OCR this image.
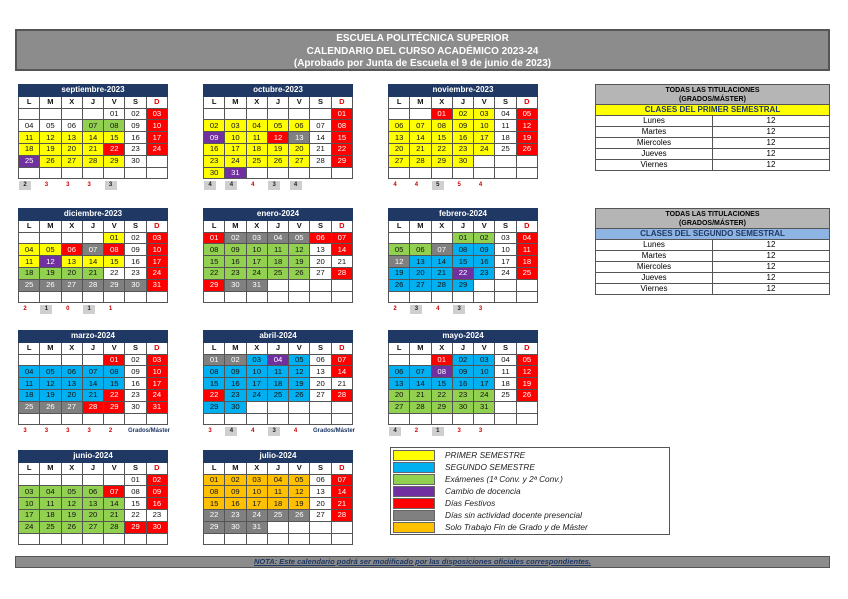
ESCUELA POLITÉCNICA SUPERIOR
CALENDARIO DEL CURSO ACADÉMICO 2023-24
(Aprobado por Junta de Escuela el 9 de junio de 2023)
septiembre-2023						
L	M	X	J	V	S	D
				01	02	03
04	05	06	07	08	09	10
11	12	13	14	15	16	17
18	19	20	21	22	23	24
25	26	27	28	29	30	

2	3	3	3	3
octubre-2023						
L	M	X	J	V	S	D
						01
02	03	04	05	06	07	08
09	10	11	12	13	14	15
16	17	18	19	20	21	22
23	24	25	26	27	28	29
30	31					
4	4	4	3	4
noviembre-2023						
L	M	X	J	V	S	D
		01	02	03	04	05
06	07	08	09	10	11	12
13	14	15	16	17	18	19
20	21	22	23	24	25	26
27	28	29	30			

4	4	5	5	4
diciembre-2023						
L	M	X	J	V	S	D
				01	02	03
04	05	06	07	08	09	10
11	12	13	14	15	16	17
18	19	20	21	22	23	24
25	26	27	28	29	30	31

2	1	0	1	1
enero-2024						
L	M	X	J	V	S	D
01	02	03	04	05	06	07
08	09	10	11	12	13	14
15	16	17	18	19	20	21
22	23	24	25	26	27	28
29	30	31				

febrero-2024						
L	M	X	J	V	S	D
			01	02	03	04
05	06	07	08	09	10	11
12	13	14	15	16	17	18
19	20	21	22	23	24	25
26	27	28	29			

2	3	4	3	3
marzo-2024						
L	M	X	J	V	S	D
				01	02	03
04	05	06	07	08	09	10
11	12	13	14	15	16	17
18	19	20	21	22	23	24
25	26	27	28	29	30	31

3	3	3	3	2	Grados/Máster
abril-2024						
L	M	X	J	V	S	D
01	02	03	04	05	06	07
08	09	10	11	12	13	14
15	16	17	18	19	20	21
22	23	24	25	26	27	28
29	30					

3	4	4	3	4	Grados/Máster
mayo-2024						
L	M	X	J	V	S	D
		01	02	03	04	05
06	07	08	09	10	11	12
13	14	15	16	17	18	19
20	21	22	23	24	25	26
27	28	29	30	31		

4	2	1	3	3
junio-2024						
L	M	X	J	V	S	D
					01	02
03	04	05	06	07	08	09
10	11	12	13	14	15	16
17	18	19	20	21	22	23
24	25	26	27	28	29	30

julio-2024						
L	M	X	J	V	S	D
01	02	03	04	05	06	07
08	09	10	11	12	13	14
15	16	17	18	19	20	21
22	23	24	25	26	27	28
29	30	31				

TODAS LAS TITULACIONES
(GRADOS/MÁSTER)	
CLASES DEL PRIMER SEMESTRAL	
Lunes	12
Martes	12
Miercoles	12
Jueves	12
Viernes	12
TODAS LAS TITULACIONES
(GRADOS/MÁSTER)	
CLASES DEL SEGUNDO SEMESTRAL	
Lunes	12
Martes	12
Miercoles	12
Jueves	12
Viernes	12
PRIMER SEMESTRE
SEGUNDO SEMESTRE
Exámenes (1ª Conv. y 2ª Conv.)
Cambio de docencia
Días Festivos
Días sin actividad docente presencial
Solo Trabajo Fin de Grado y de Máster
NOTA: Este calendario podrá ser modificado por las disposiciones oficiales correspondientes.
